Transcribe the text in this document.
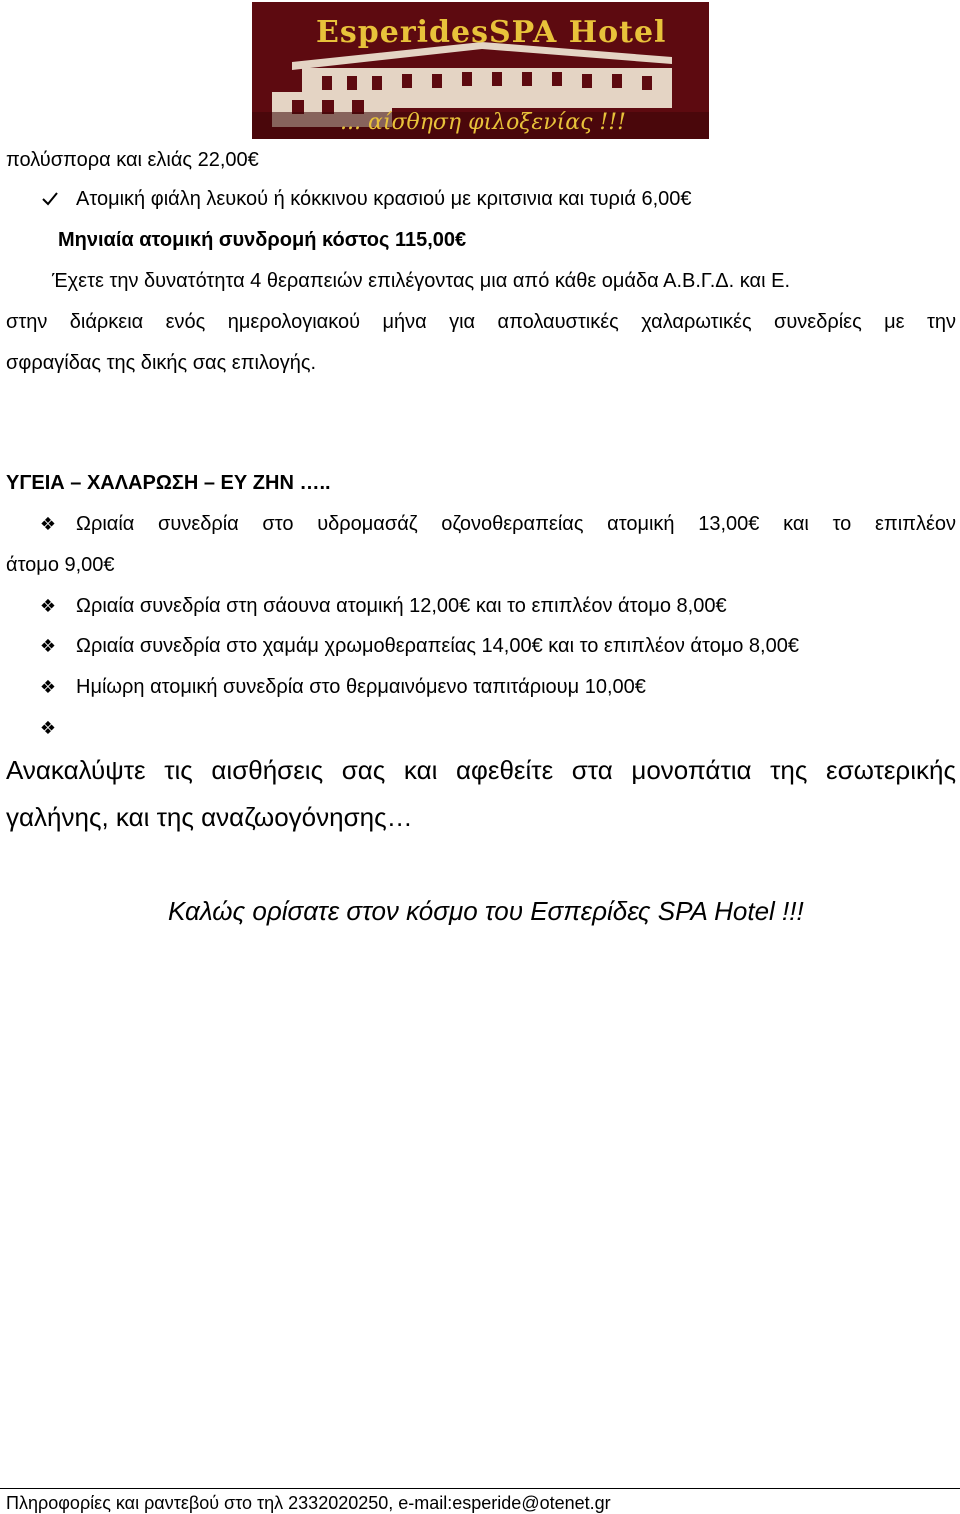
EsperidesSPA Hotel
... αίσθηση φιλοξενίας !!!
πολύσπορα και ελιάς 22,00€
Ατομική φιάλη λευκού ή κόκκινου κρασιού με κριτσινια και τυριά 6,00€
Μηνιαία ατομική συνδρομή κόστος 115,00€
Έχετε την δυνατότητα 4 θεραπειών επιλέγοντας μια από κάθε ομάδα Α.Β.Γ.Δ. και Ε.
στην διάρκεια ενός ημερολογιακού μήνα για απολαυστικές χαλαρωτικές συνεδρίες με την
σφραγίδας της δικής σας επιλογής.
ΥΓΕΙΑ – ΧΑΛΑΡΩΣΗ – ΕΥ ΖΗΝ …..
❖ Ωριαία συνεδρία στο υδρομασάζ οζονοθεραπείας ατομική 13,00€ και το επιπλέον
άτομο 9,00€
❖ Ωριαία συνεδρία στη σάουνα ατομική 12,00€ και το επιπλέον άτομο 8,00€
❖ Ωριαία συνεδρία στο χαμάμ χρωμοθεραπείας 14,00€ και το επιπλέον άτομο 8,00€
❖ Ημίωρη ατομική συνεδρία στο θερμαινόμενο ταπιτάριουμ 10,00€
❖
Ανακαλύψτε τις αισθήσεις σας και αφεθείτε στα μονοπάτια της εσωτερικής
γαλήνης, και της αναζωογόνησης…
Καλώς ορίσατε στον κόσμο του Εσπερίδες SPA Hotel !!!
Πληροφορίες και ραντεβού στο τηλ 2332020250, e-mail:esperide@otenet.gr
